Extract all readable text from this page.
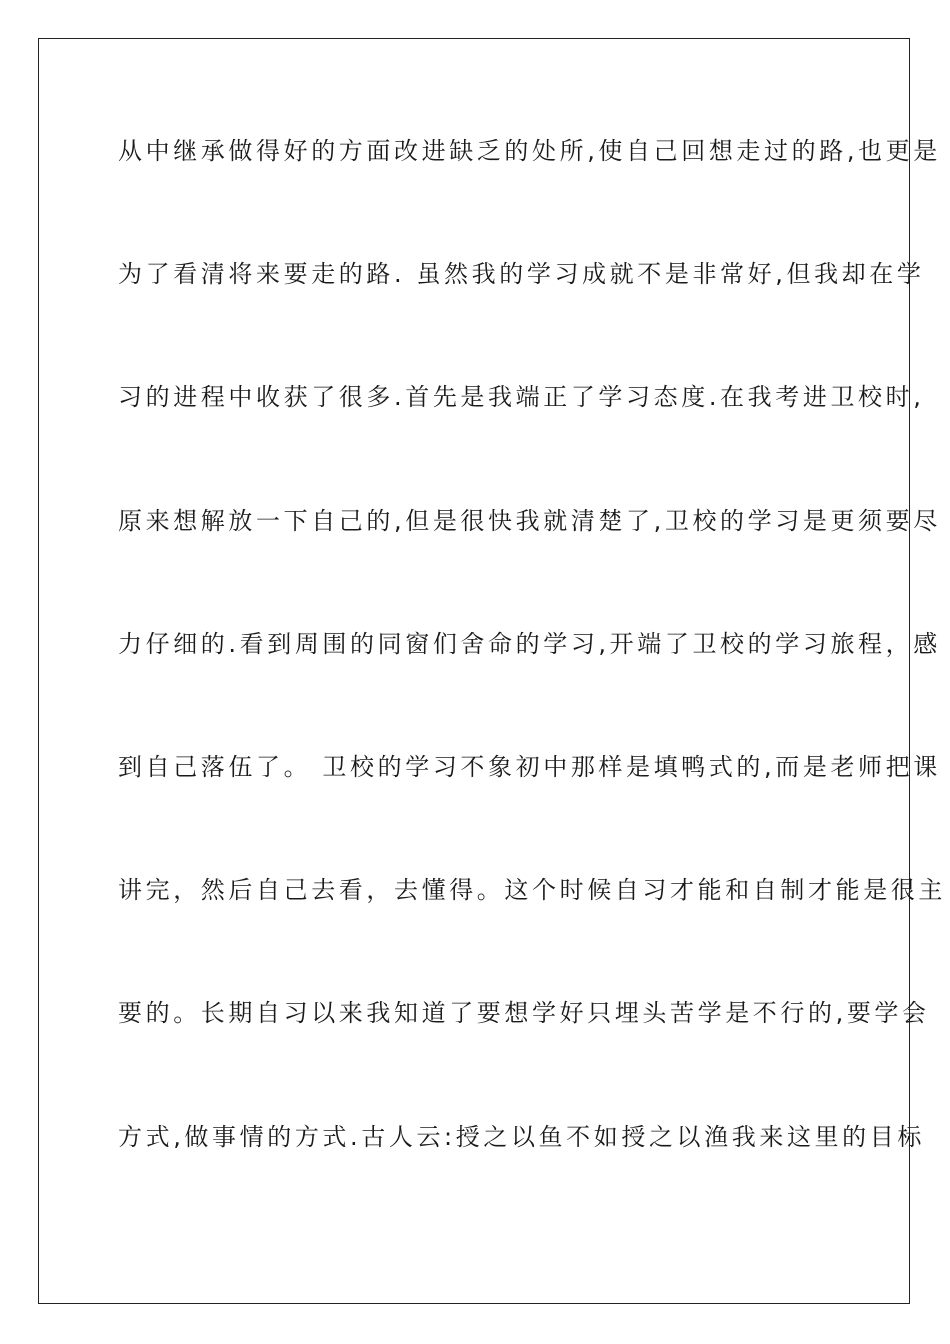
从中继承做得好的方面改进缺乏的处所,使自己回想走过的路,也更是
为了看清将来要走的路. 虽然我的学习成就不是非常好,但我却在学
习的进程中收获了很多.首先是我端正了学习态度.在我考进卫校时,
原来想解放一下自己的,但是很快我就清楚了,卫校的学习是更须要尽
力仔细的.看到周围的同窗们舍命的学习,开端了卫校的学习旅程，感
到自己落伍了。 卫校的学习不象初中那样是填鸭式的,而是老师把课
讲完，然后自己去看，去懂得。这个时候自习才能和自制才能是很主
要的。长期自习以来我知道了要想学好只埋头苦学是不行的,要学会
方式,做事情的方式.古人云:授之以鱼不如授之以渔我来这里的目标
